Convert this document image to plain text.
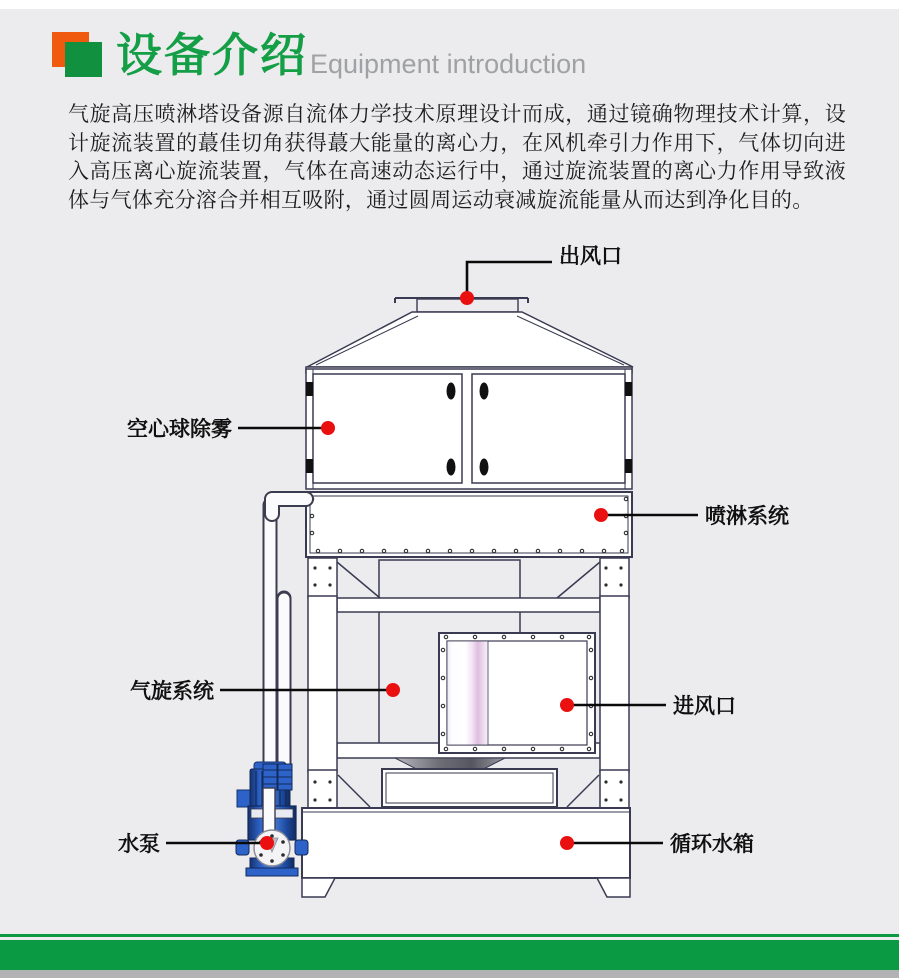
设备介绍 Equipment introduction
气旋高压喷淋塔设备源自流体力学技术原理设计而成，通过镜确物理技术计算，设计旋流装置的蕞佳切角获得蕞大能量的离心力，在风机牵引力作用下，气体切向进入高压离心旋流装置，气体在高速动态运行中，通过旋流装置的离心力作用导致液体与气体充分溶合并相互吸附，通过圆周运动衰减旋流能量从而达到净化目的。
出风口
空心球除雾
喷淋系统
气旋系统
进风口
水泵	循环水箱
